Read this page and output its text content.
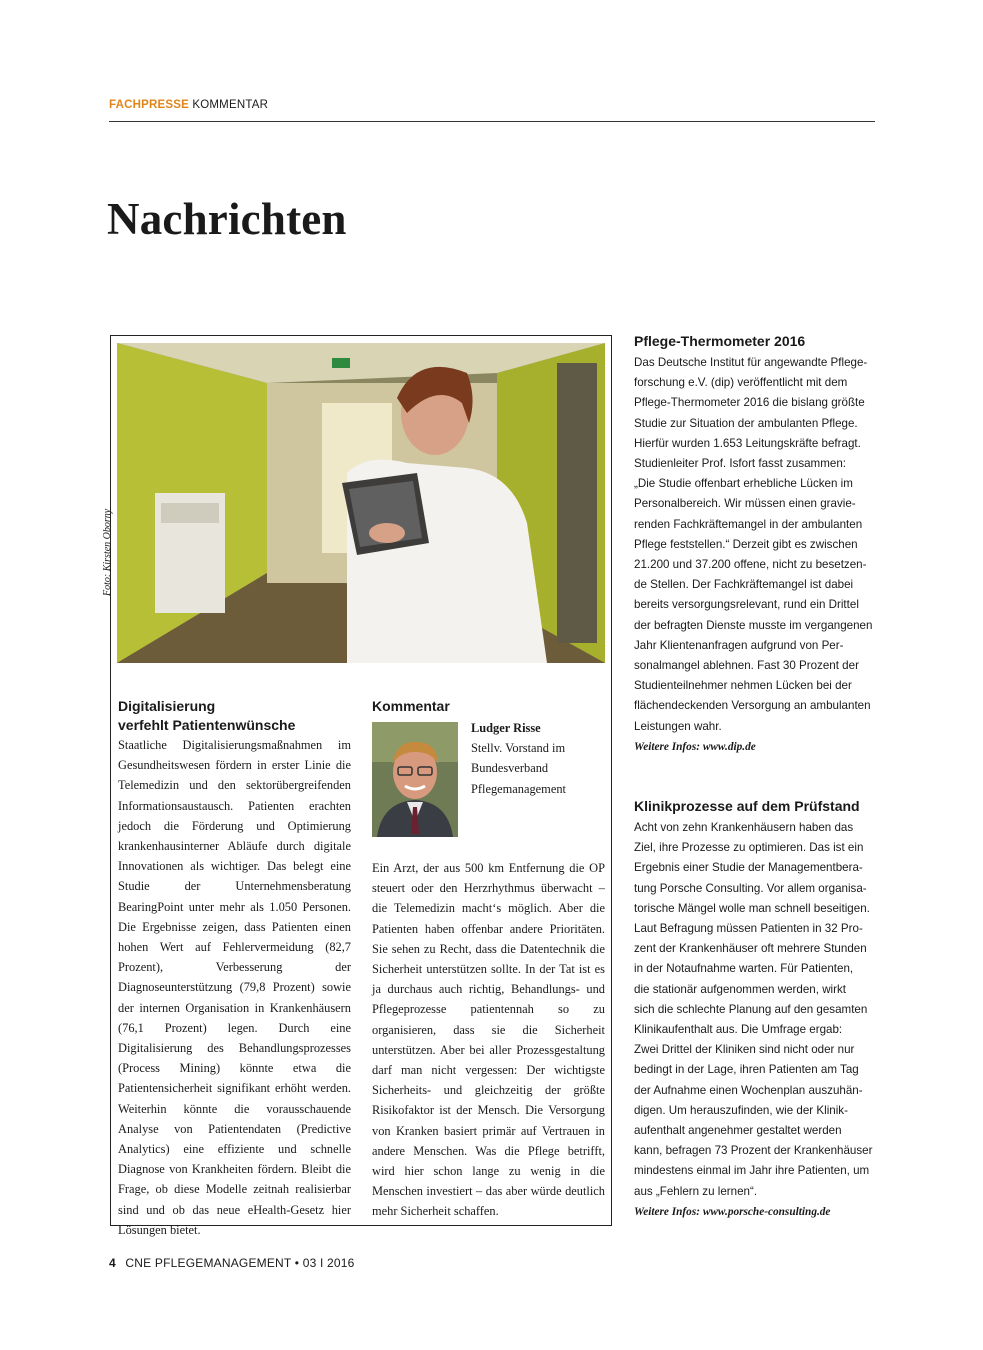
FACHPRESSE KOMMENTAR
Nachrichten
Foto: Kirsten Oborny
Digitalisierung
verfehlt Patientenwünsche

Staatliche Digitalisierungsmaßnahmen im Gesundheitswesen fördern in erster Linie die Telemedizin und den sektorübergreifenden Informationsaustausch. Patienten erachten jedoch die Förderung und Optimierung krankenhausinterner Abläufe durch digitale Innovationen als wichtiger. Das belegt eine Studie der Unternehmensberatung BearingPoint unter mehr als 1.050 Personen. Die Ergebnisse zeigen, dass Patienten einen hohen Wert auf Fehlervermeidung (82,7 Prozent), Verbesserung der Diagnoseunterstützung (79,8 Prozent) sowie der internen Organisation in Krankenhäusern (76,1 Prozent) legen. Durch eine Digitalisierung des Behandlungsprozesses (Process Mining) könnte etwa die Patientensicherheit signifikant erhöht werden. Weiterhin könnte die vorausschauende Analyse von Patientendaten (Predictive Analytics) eine effiziente und schnelle Diagnose von Krankheiten fördern. Bleibt die Frage, ob diese Modelle zeitnah realisierbar sind und ob das neue eHealth-Gesetz hier Lösungen bietet.

Kommentar
Ludger Risse
Stellv. Vorstand im
Bundesverband
Pflegemanagement

Ein Arzt, der aus 500 km Entfernung die OP steuert oder den Herzrhythmus überwacht – die Telemedizin macht‘s möglich. Aber die Patienten haben offenbar andere Prioritäten. Sie sehen zu Recht, dass die Datentechnik die Sicherheit unterstützen sollte. In der Tat ist es ja durchaus auch richtig, Behandlungs- und Pflegeprozesse patientennah so zu organisieren, dass sie die Sicherheit unterstützen. Aber bei aller Prozessgestaltung darf man nicht vergessen: Der wichtigste Sicherheits- und gleichzeitig der größte Risikofaktor ist der Mensch. Die Versorgung von Kranken basiert primär auf Vertrauen in andere Menschen. Was die Pflege betrifft, wird hier schon lange zu wenig in die Menschen investiert – das aber würde deutlich mehr Sicherheit schaffen.

Pflege-Thermometer 2016
Das Deutsche Institut für angewandte Pflege-
forschung e.V. (dip) veröffentlicht mit dem
Pflege-Thermometer 2016 die bislang größte
Studie zur Situation der ambulanten Pflege.
Hierfür wurden 1.653 Leitungskräfte befragt.
Studienleiter Prof. Isfort fasst zusammen:
„Die Studie offenbart erhebliche Lücken im
Personalbereich. Wir müssen einen gravie-
renden Fachkräftemangel in der ambulanten
Pflege feststellen.“ Derzeit gibt es zwischen
21.200 und 37.200 offene, nicht zu besetzen-
de Stellen. Der Fachkräftemangel ist dabei
bereits versorgungsrelevant, rund ein Drittel
der befragten Dienste musste im vergangenen
Jahr Klientenanfragen aufgrund von Per-
sonalmangel ablehnen. Fast 30 Prozent der
Studienteilnehmer nehmen Lücken bei der
flächendeckenden Versorgung an ambulanten
Leistungen wahr.

Weitere Infos: www.dip.de

Klinikprozesse auf dem Prüfstand
Acht von zehn Krankenhäusern haben das
Ziel, ihre Prozesse zu optimieren. Das ist ein
Ergebnis einer Studie der Managementbera-
tung Porsche Consulting. Vor allem organisa-
torische Mängel wolle man schnell beseitigen.
Laut Befragung müssen Patienten in 32 Pro-
zent der Krankenhäuser oft mehrere Stunden
in der Notaufnahme warten. Für Patienten,
die stationär aufgenommen werden, wirkt
sich die schlechte Planung auf den gesamten
Klinikaufenthalt aus. Die Umfrage ergab:
Zwei Drittel der Kliniken sind nicht oder nur
bedingt in der Lage, ihren Patienten am Tag
der Aufnahme einen Wochenplan auszuhän-
digen. Um herauszufinden, wie der Klinik-
aufenthalt angenehmer gestaltet werden
kann, befragen 73 Prozent der Krankenhäuser
mindestens einmal im Jahr ihre Patienten, um
aus „Fehlern zu lernen“.

Weitere Infos: www.porsche-consulting.de

4 CNE PFLEGEMANAGEMENT • 03 I 2016
